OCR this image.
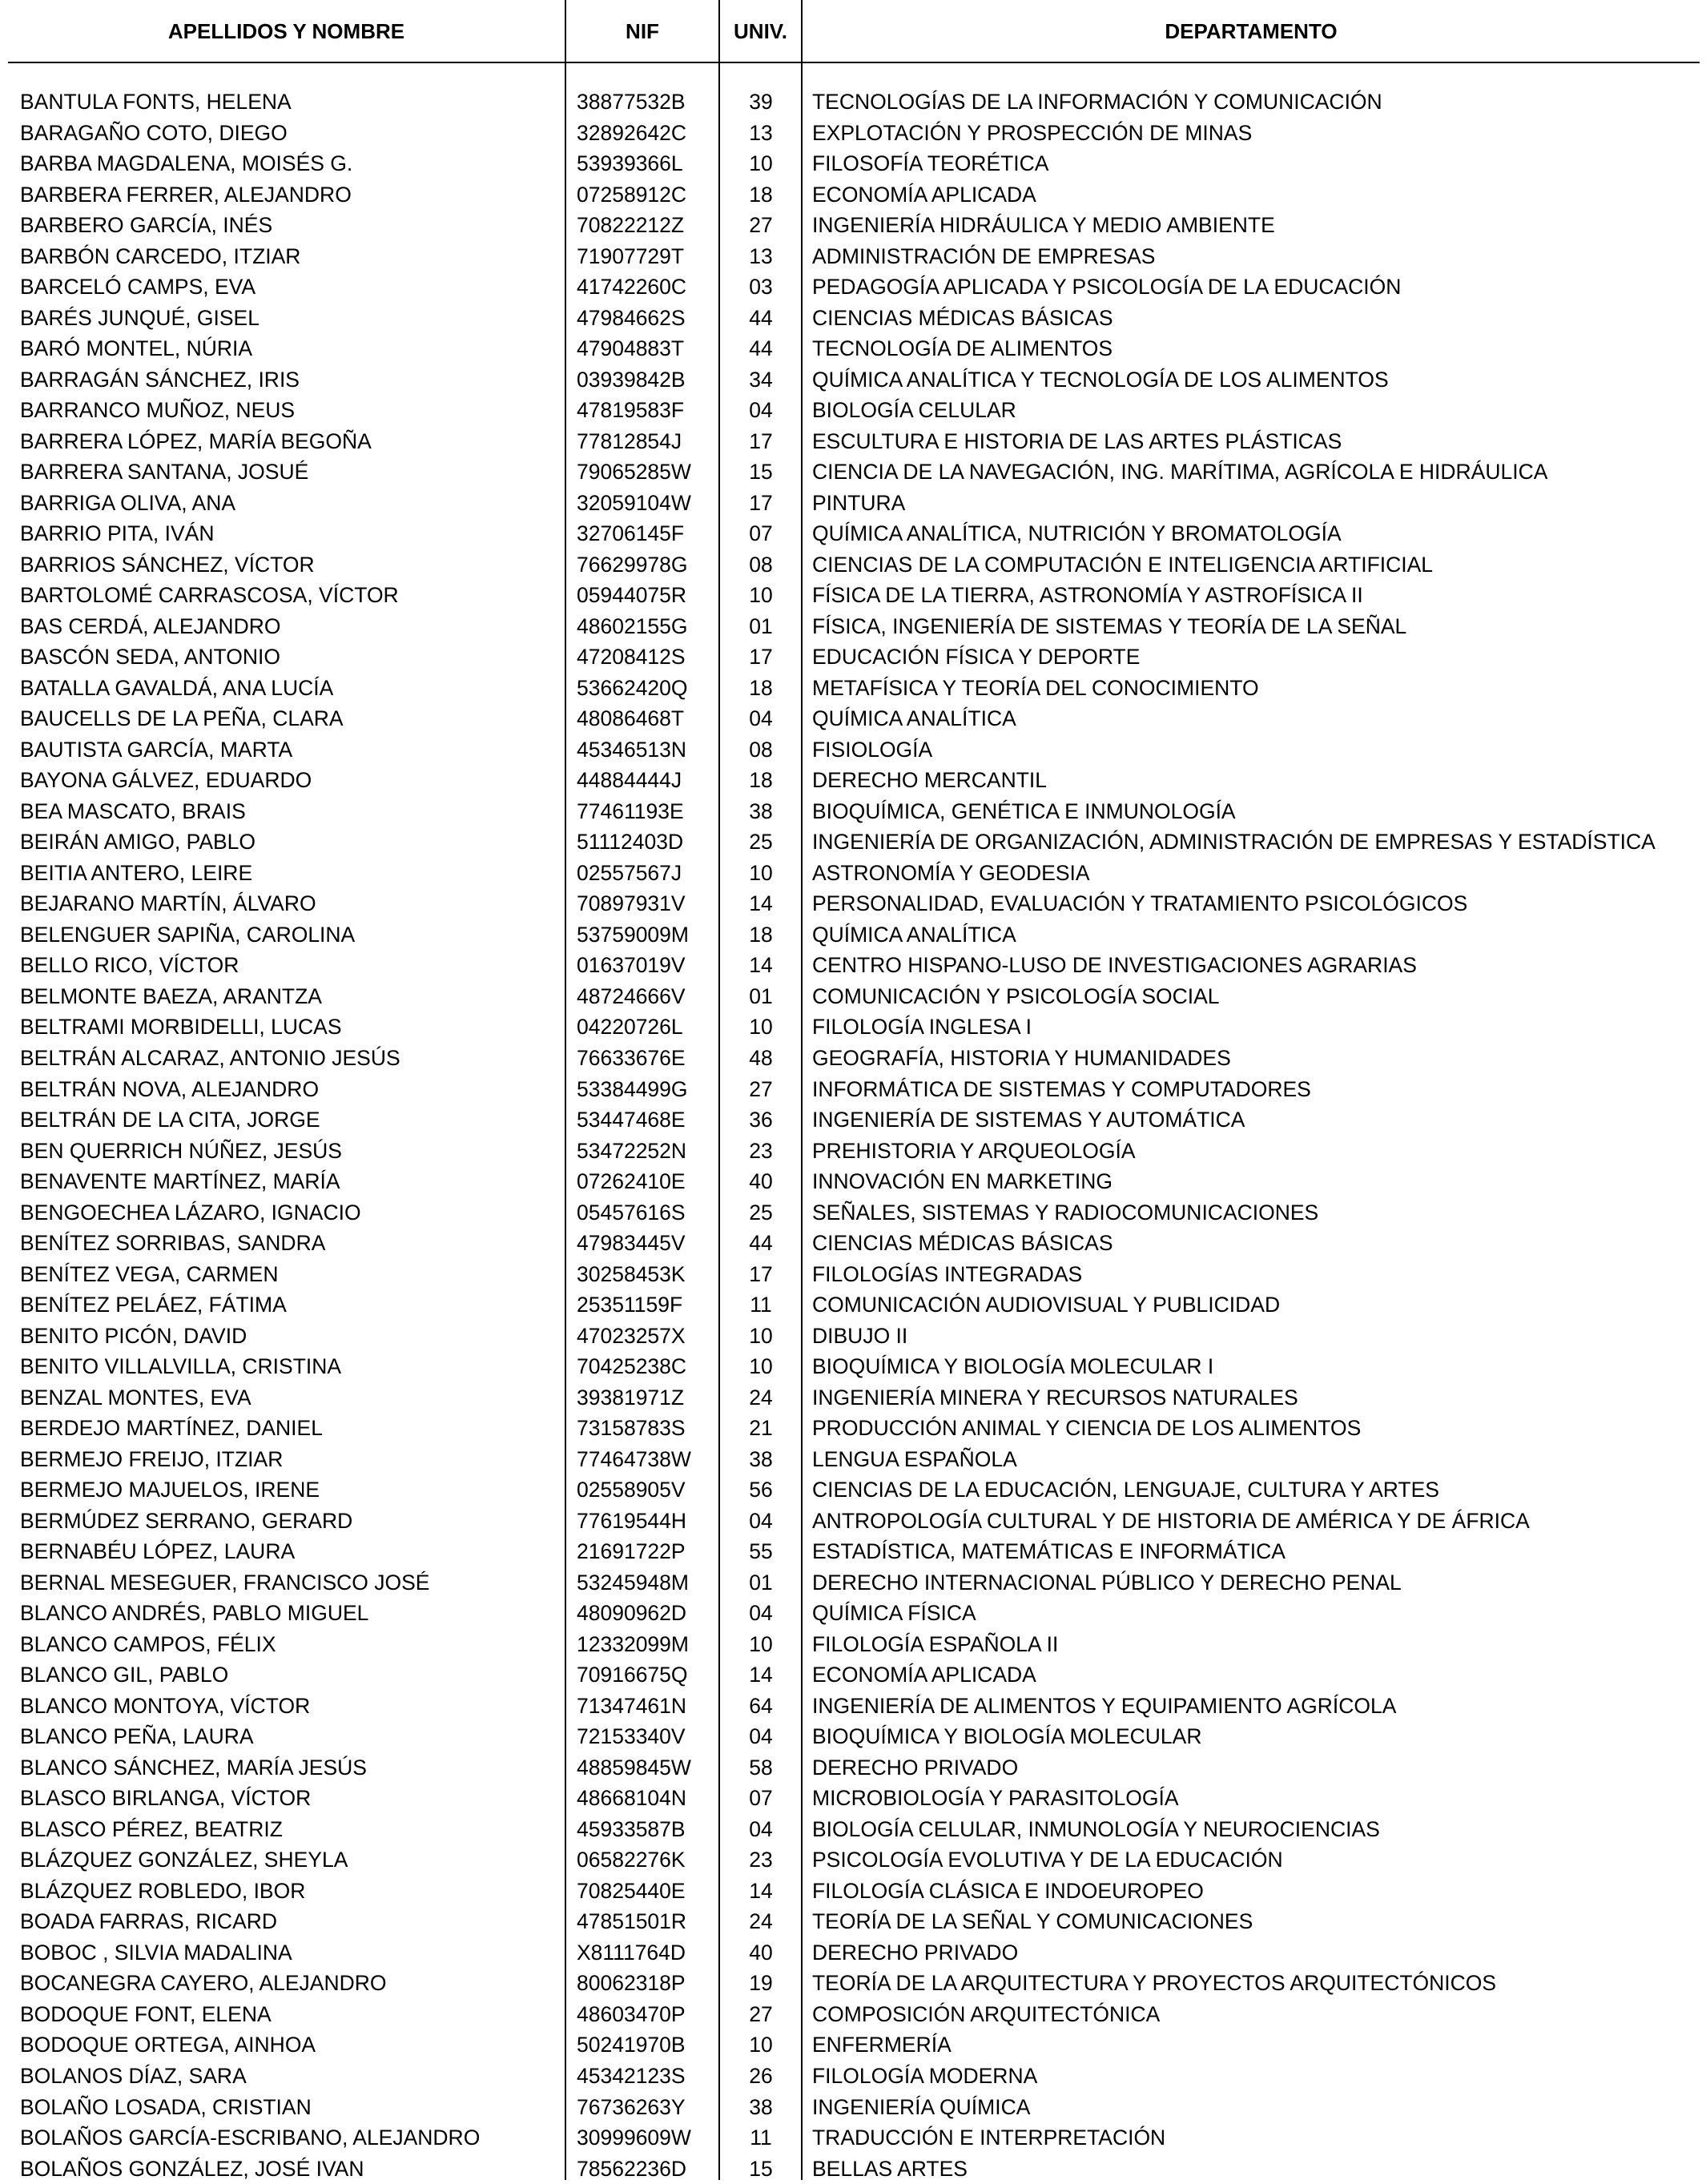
APELLIDOS Y NOMBRE	NIF	UNIV.	DEPARTAMENTO
BANTULA FONTS, HELENA	38877532B	39	TECNOLOGÍAS DE LA INFORMACIÓN Y COMUNICACIÓN
BARAGAÑO COTO, DIEGO	32892642C	13	EXPLOTACIÓN Y PROSPECCIÓN DE MINAS
BARBA MAGDALENA, MOISÉS G.	53939366L	10	FILOSOFÍA TEORÉTICA
BARBERA FERRER, ALEJANDRO	07258912C	18	ECONOMÍA APLICADA
BARBERO GARCÍA, INÉS	70822212Z	27	INGENIERÍA HIDRÁULICA Y MEDIO AMBIENTE
BARBÓN CARCEDO, ITZIAR	71907729T	13	ADMINISTRACIÓN DE EMPRESAS
BARCELÓ CAMPS, EVA	41742260C	03	PEDAGOGÍA APLICADA Y PSICOLOGÍA DE LA EDUCACIÓN
BARÉS JUNQUÉ, GISEL	47984662S	44	CIENCIAS MÉDICAS BÁSICAS
BARÓ MONTEL, NÚRIA	47904883T	44	TECNOLOGÍA DE ALIMENTOS
BARRAGÁN SÁNCHEZ, IRIS	03939842B	34	QUÍMICA ANALÍTICA Y TECNOLOGÍA DE LOS ALIMENTOS
BARRANCO MUÑOZ, NEUS	47819583F	04	BIOLOGÍA CELULAR
BARRERA LÓPEZ, MARÍA BEGOÑA	77812854J	17	ESCULTURA E HISTORIA DE LAS ARTES PLÁSTICAS
BARRERA SANTANA, JOSUÉ	79065285W	15	CIENCIA DE LA NAVEGACIÓN, ING. MARÍTIMA, AGRÍCOLA E HIDRÁULICA
BARRIGA OLIVA, ANA	32059104W	17	PINTURA
BARRIO PITA, IVÁN	32706145F	07	QUÍMICA ANALÍTICA, NUTRICIÓN Y BROMATOLOGÍA
BARRIOS SÁNCHEZ, VÍCTOR	76629978G	08	CIENCIAS DE LA COMPUTACIÓN E INTELIGENCIA ARTIFICIAL
BARTOLOMÉ CARRASCOSA, VÍCTOR	05944075R	10	FÍSICA DE LA TIERRA, ASTRONOMÍA Y ASTROFÍSICA II
BAS CERDÁ, ALEJANDRO	48602155G	01	FÍSICA, INGENIERÍA DE SISTEMAS Y TEORÍA DE LA SEÑAL
BASCÓN SEDA, ANTONIO	47208412S	17	EDUCACIÓN FÍSICA Y DEPORTE
BATALLA GAVALDÁ, ANA LUCÍA	53662420Q	18	METAFÍSICA Y TEORÍA DEL CONOCIMIENTO
BAUCELLS DE LA PEÑA, CLARA	48086468T	04	QUÍMICA ANALÍTICA
BAUTISTA GARCÍA, MARTA	45346513N	08	FISIOLOGÍA
BAYONA GÁLVEZ, EDUARDO	44884444J	18	DERECHO MERCANTIL
BEA MASCATO, BRAIS	77461193E	38	BIOQUÍMICA, GENÉTICA E INMUNOLOGÍA
BEIRÁN AMIGO, PABLO	51112403D	25	INGENIERÍA DE ORGANIZACIÓN, ADMINISTRACIÓN DE EMPRESAS Y ESTADÍSTICA
BEITIA ANTERO, LEIRE	02557567J	10	ASTRONOMÍA Y GEODESIA
BEJARANO MARTÍN, ÁLVARO	70897931V	14	PERSONALIDAD, EVALUACIÓN Y TRATAMIENTO PSICOLÓGICOS
BELENGUER SAPIÑA, CAROLINA	53759009M	18	QUÍMICA ANALÍTICA
BELLO RICO, VÍCTOR	01637019V	14	CENTRO HISPANO-LUSO DE INVESTIGACIONES AGRARIAS
BELMONTE BAEZA, ARANTZA	48724666V	01	COMUNICACIÓN Y PSICOLOGÍA SOCIAL
BELTRAMI MORBIDELLI, LUCAS	04220726L	10	FILOLOGÍA INGLESA I
BELTRÁN ALCARAZ, ANTONIO JESÚS	76633676E	48	GEOGRAFÍA, HISTORIA Y HUMANIDADES
BELTRÁN NOVA, ALEJANDRO	53384499G	27	INFORMÁTICA DE SISTEMAS Y COMPUTADORES
BELTRÁN DE LA CITA, JORGE	53447468E	36	INGENIERÍA DE SISTEMAS Y AUTOMÁTICA
BEN QUERRICH NÚÑEZ, JESÚS	53472252N	23	PREHISTORIA Y ARQUEOLOGÍA
BENAVENTE MARTÍNEZ, MARÍA	07262410E	40	INNOVACIÓN EN MARKETING
BENGOECHEA LÁZARO, IGNACIO	05457616S	25	SEÑALES, SISTEMAS Y RADIOCOMUNICACIONES
BENÍTEZ SORRIBAS, SANDRA	47983445V	44	CIENCIAS MÉDICAS BÁSICAS
BENÍTEZ VEGA, CARMEN	30258453K	17	FILOLOGÍAS INTEGRADAS
BENÍTEZ PELÁEZ, FÁTIMA	25351159F	11	COMUNICACIÓN AUDIOVISUAL Y PUBLICIDAD
BENITO PICÓN, DAVID	47023257X	10	DIBUJO II
BENITO VILLALVILLA, CRISTINA	70425238C	10	BIOQUÍMICA Y BIOLOGÍA MOLECULAR I
BENZAL MONTES, EVA	39381971Z	24	INGENIERÍA MINERA Y RECURSOS NATURALES
BERDEJO MARTÍNEZ, DANIEL	73158783S	21	PRODUCCIÓN ANIMAL Y CIENCIA DE LOS ALIMENTOS
BERMEJO FREIJO, ITZIAR	77464738W	38	LENGUA ESPAÑOLA
BERMEJO MAJUELOS, IRENE	02558905V	56	CIENCIAS DE LA EDUCACIÓN, LENGUAJE, CULTURA Y ARTES
BERMÚDEZ SERRANO, GERARD	77619544H	04	ANTROPOLOGÍA CULTURAL Y DE HISTORIA DE AMÉRICA Y DE ÁFRICA
BERNABÉU LÓPEZ, LAURA	21691722P	55	ESTADÍSTICA, MATEMÁTICAS E INFORMÁTICA
BERNAL MESEGUER, FRANCISCO JOSÉ	53245948M	01	DERECHO INTERNACIONAL PÚBLICO Y DERECHO PENAL
BLANCO ANDRÉS, PABLO MIGUEL	48090962D	04	QUÍMICA FÍSICA
BLANCO CAMPOS, FÉLIX	12332099M	10	FILOLOGÍA ESPAÑOLA II
BLANCO GIL, PABLO	70916675Q	14	ECONOMÍA APLICADA
BLANCO MONTOYA, VÍCTOR	71347461N	64	INGENIERÍA DE ALIMENTOS Y EQUIPAMIENTO AGRÍCOLA
BLANCO PEÑA, LAURA	72153340V	04	BIOQUÍMICA Y BIOLOGÍA MOLECULAR
BLANCO SÁNCHEZ, MARÍA JESÚS	48859845W	58	DERECHO PRIVADO
BLASCO BIRLANGA, VÍCTOR	48668104N	07	MICROBIOLOGÍA Y PARASITOLOGÍA
BLASCO PÉREZ, BEATRIZ	45933587B	04	BIOLOGÍA CELULAR, INMUNOLOGÍA Y NEUROCIENCIAS
BLÁZQUEZ GONZÁLEZ, SHEYLA	06582276K	23	PSICOLOGÍA EVOLUTIVA Y DE LA EDUCACIÓN
BLÁZQUEZ ROBLEDO, IBOR	70825440E	14	FILOLOGÍA CLÁSICA E INDOEUROPEO
BOADA FARRAS, RICARD	47851501R	24	TEORÍA DE LA SEÑAL Y COMUNICACIONES
BOBOC , SILVIA MADALINA	X8111764D	40	DERECHO PRIVADO
BOCANEGRA CAYERO, ALEJANDRO	80062318P	19	TEORÍA DE LA ARQUITECTURA Y PROYECTOS ARQUITECTÓNICOS
BODOQUE FONT, ELENA	48603470P	27	COMPOSICIÓN ARQUITECTÓNICA
BODOQUE ORTEGA, AINHOA	50241970B	10	ENFERMERÍA
BOLANOS DÍAZ, SARA	45342123S	26	FILOLOGÍA MODERNA
BOLAÑO LOSADA, CRISTIAN	76736263Y	38	INGENIERÍA QUÍMICA
BOLAÑOS GARCÍA-ESCRIBANO, ALEJANDRO	30999609W	11	TRADUCCIÓN E INTERPRETACIÓN
BOLAÑOS GONZÁLEZ, JOSÉ IVAN	78562236D	15	BELLAS ARTES
